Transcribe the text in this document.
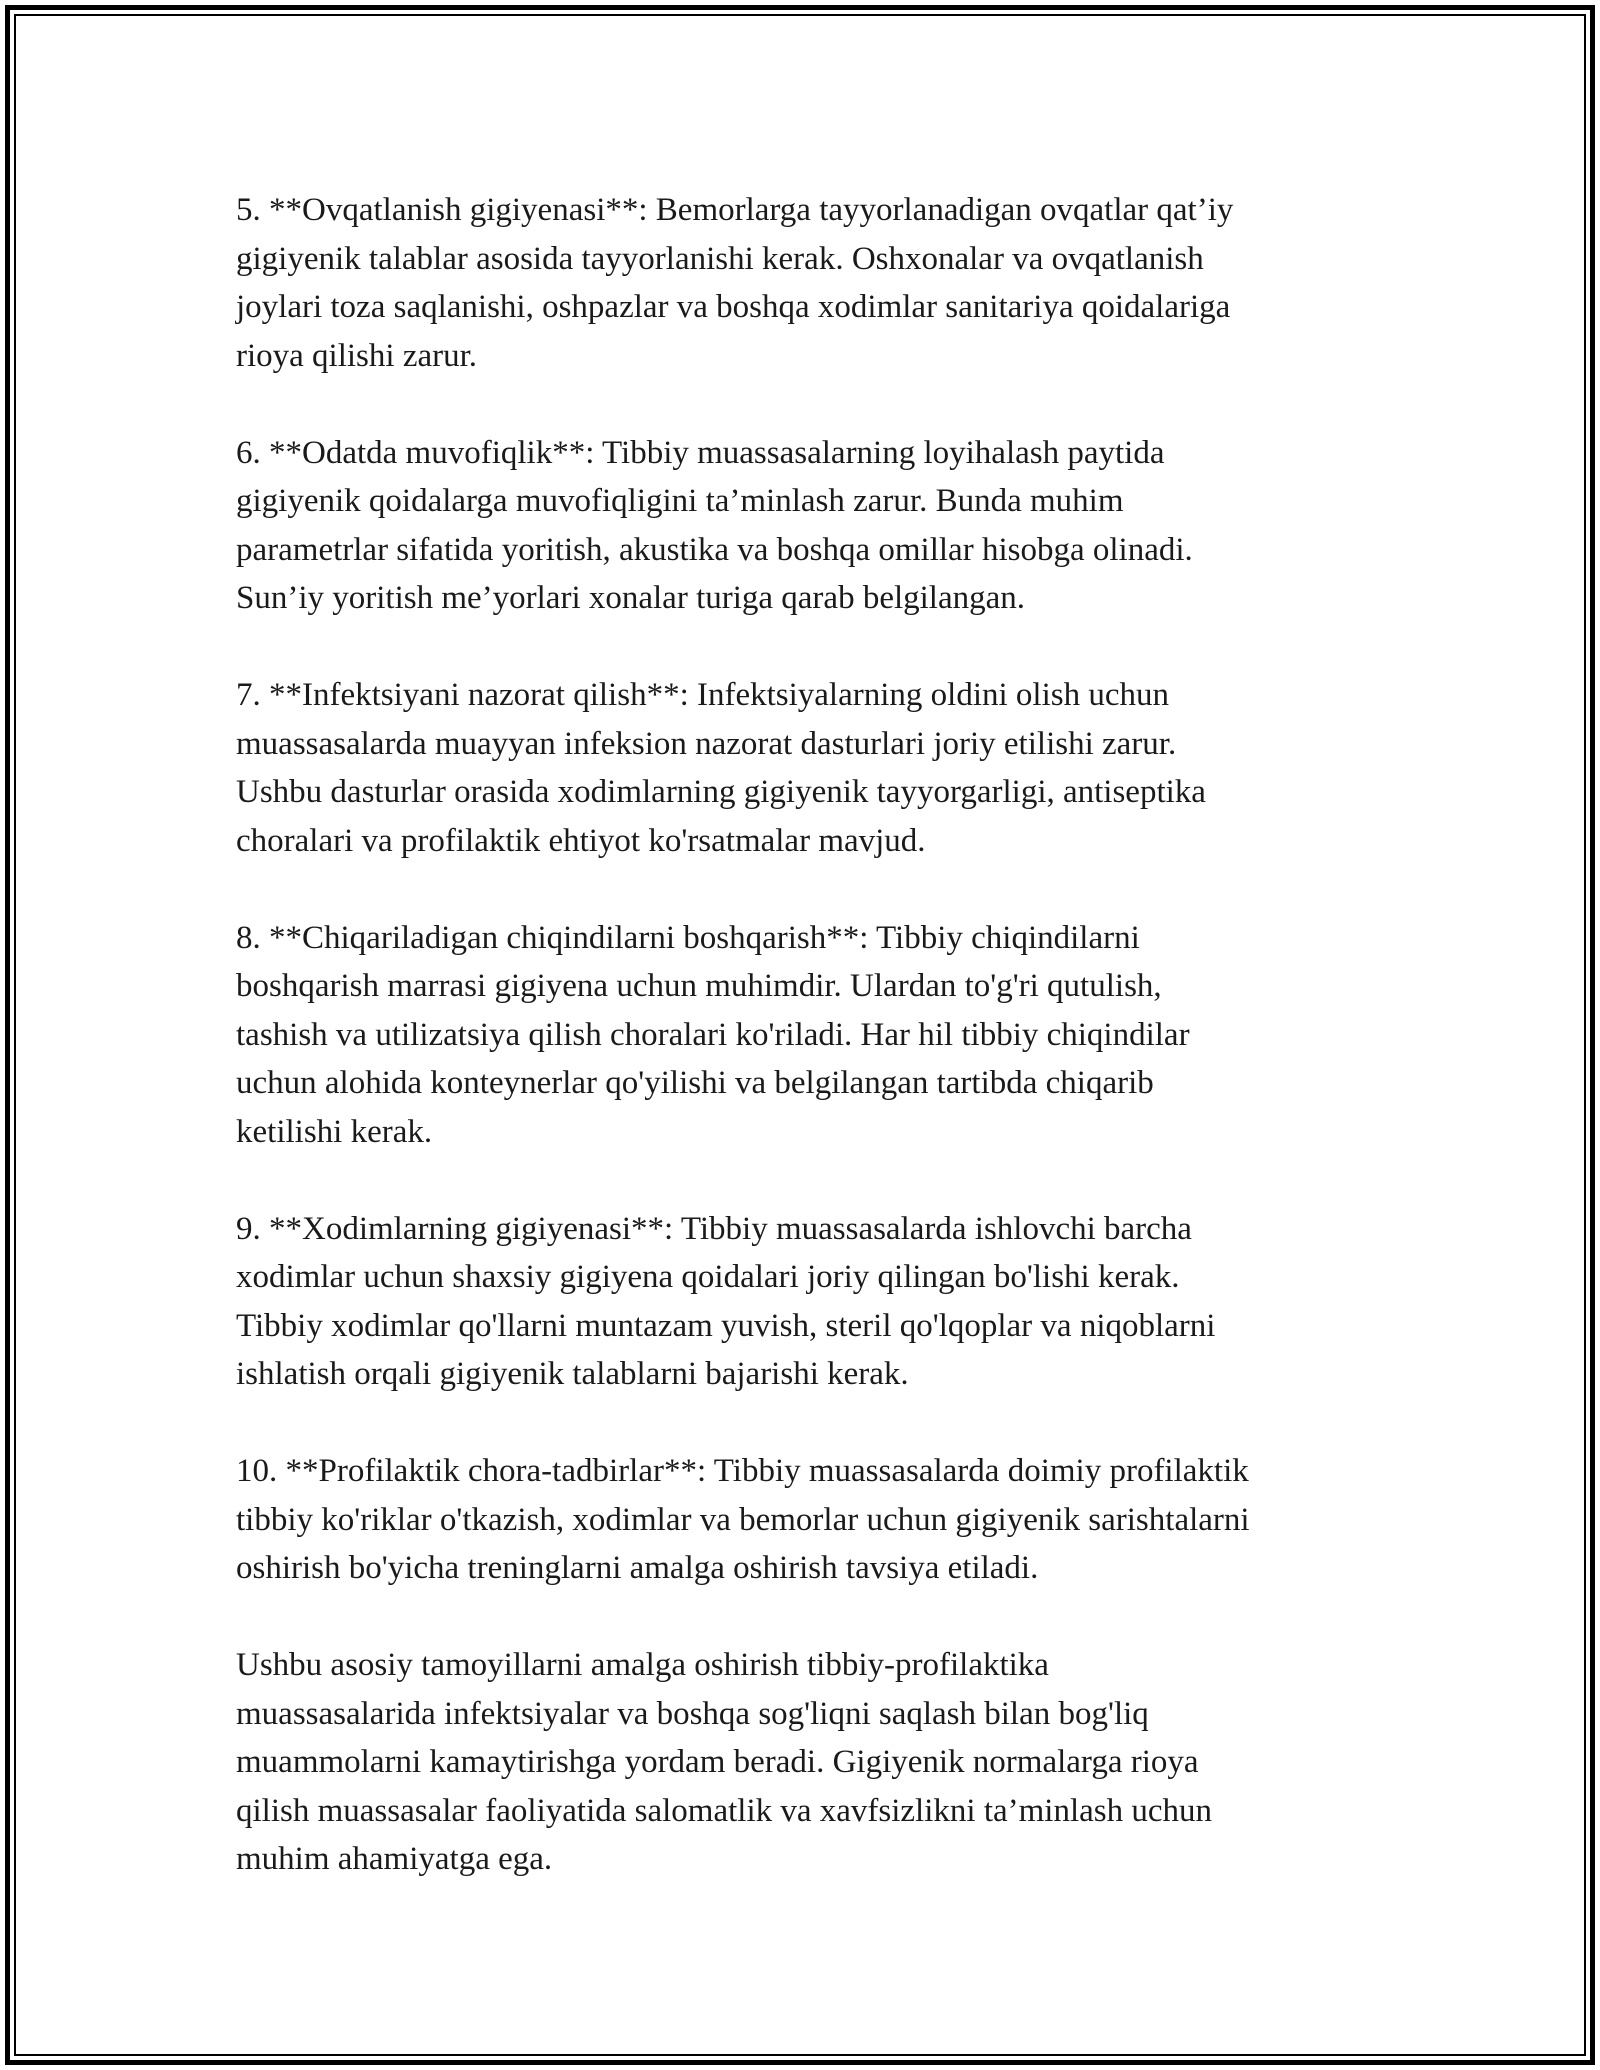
5. **Ovqatlanish gigiyenasi**: Bemorlarga tayyorlanadigan ovqatlar qat’iy
gigiyenik talablar asosida tayyorlanishi kerak. Oshxonalar va ovqatlanish
joylari toza saqlanishi, oshpazlar va boshqa xodimlar sanitariya qoidalariga
rioya qilishi zarur.

6. **Odatda muvofiqlik**: Tibbiy muassasalarning loyihalash paytida
gigiyenik qoidalarga muvofiqligini ta’minlash zarur. Bunda muhim
parametrlar sifatida yoritish, akustika va boshqa omillar hisobga olinadi.
Sun’iy yoritish me’yorlari xonalar turiga qarab belgilangan.

7. **Infektsiyani nazorat qilish**: Infektsiyalarning oldini olish uchun
muassasalarda muayyan infeksion nazorat dasturlari joriy etilishi zarur.
Ushbu dasturlar orasida xodimlarning gigiyenik tayyorgarligi, antiseptika
choralari va profilaktik ehtiyot ko'rsatmalar mavjud.

8. **Chiqariladigan chiqindilarni boshqarish**: Tibbiy chiqindilarni
boshqarish marrasi gigiyena uchun muhimdir. Ulardan to'g'ri qutulish,
tashish va utilizatsiya qilish choralari ko'riladi. Har hil tibbiy chiqindilar
uchun alohida konteynerlar qo'yilishi va belgilangan tartibda chiqarib
ketilishi kerak.

9. **Xodimlarning gigiyenasi**: Tibbiy muassasalarda ishlovchi barcha
xodimlar uchun shaxsiy gigiyena qoidalari joriy qilingan bo'lishi kerak.
Tibbiy xodimlar qo'llarni muntazam yuvish, steril qo'lqoplar va niqoblarni
ishlatish orqali gigiyenik talablarni bajarishi kerak.

10. **Profilaktik chora-tadbirlar**: Tibbiy muassasalarda doimiy profilaktik
tibbiy ko'riklar o'tkazish, xodimlar va bemorlar uchun gigiyenik sarishtalarni
oshirish bo'yicha treninglarni amalga oshirish tavsiya etiladi.

Ushbu asosiy tamoyillarni amalga oshirish tibbiy-profilaktika
muassasalarida infektsiyalar va boshqa sog'liqni saqlash bilan bog'liq
muammolarni kamaytirishga yordam beradi. Gigiyenik normalarga rioya
qilish muassasalar faoliyatida salomatlik va xavfsizlikni ta’minlash uchun
muhim ahamiyatga ega.
